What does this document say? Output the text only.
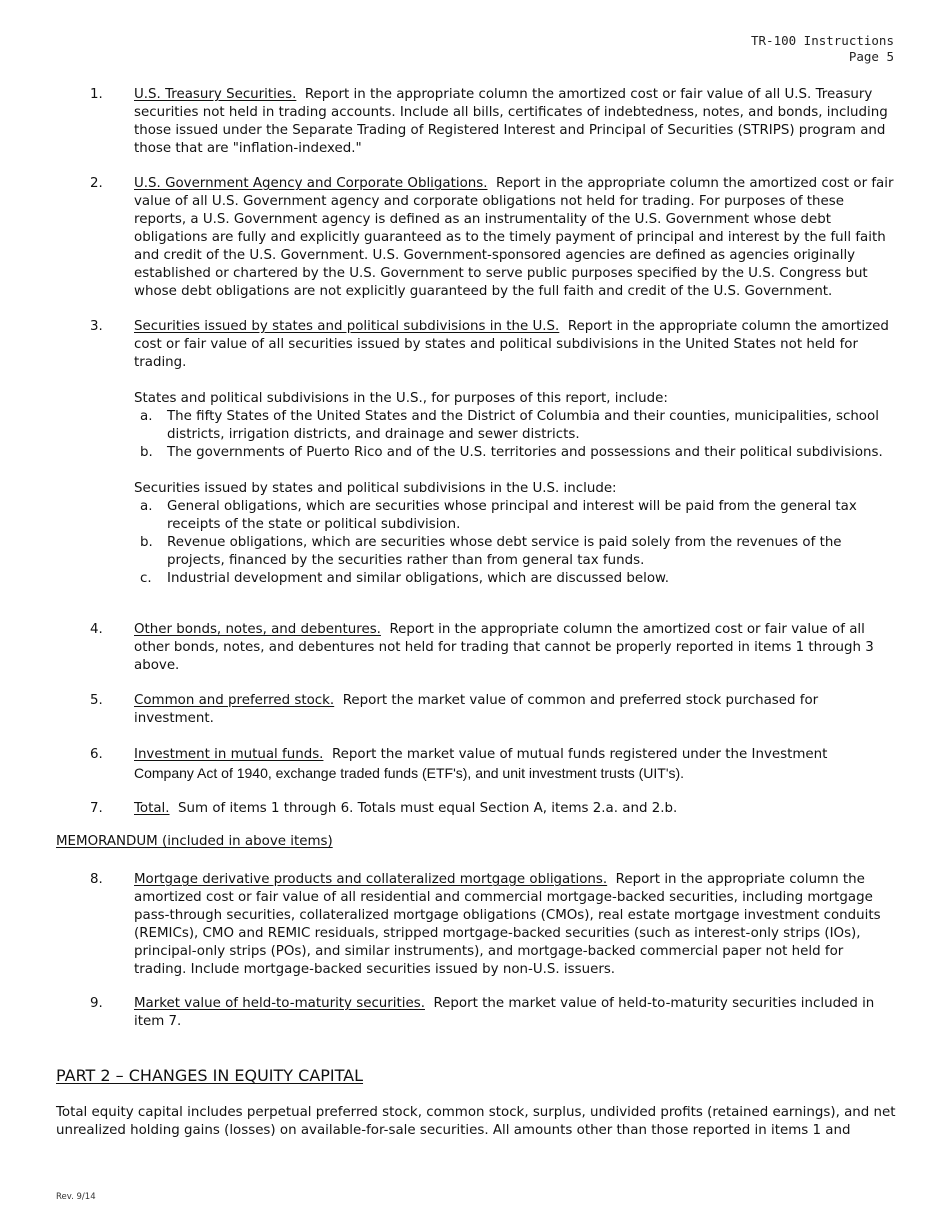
TR-100 Instructions
Page 5
1. U.S. Treasury Securities. Report in the appropriate column the amortized cost or fair value of all U.S. Treasury securities not held in trading accounts. Include all bills, certificates of indebtedness, notes, and bonds, including those issued under the Separate Trading of Registered Interest and Principal of Securities (STRIPS) program and those that are "inflation-indexed."

2. U.S. Government Agency and Corporate Obligations. Report in the appropriate column the amortized cost or fair value of all U.S. Government agency and corporate obligations not held for trading. For purposes of these reports, a U.S. Government agency is defined as an instrumentality of the U.S. Government whose debt obligations are fully and explicitly guaranteed as to the timely payment of principal and interest by the full faith and credit of the U.S. Government. U.S. Government-sponsored agencies are defined as agencies originally established or chartered by the U.S. Government to serve public purposes specified by the U.S. Congress but whose debt obligations are not explicitly guaranteed by the full faith and credit of the U.S. Government.

3. Securities issued by states and political subdivisions in the U.S. Report in the appropriate column the amortized cost or fair value of all securities issued by states and political subdivisions in the United States not held for trading.

States and political subdivisions in the U.S., for purposes of this report, include:

a. The fifty States of the United States and the District of Columbia and their counties, municipalities, school districts, irrigation districts, and drainage and sewer districts.
b. The governments of Puerto Rico and of the U.S. territories and possessions and their political subdivisions.

Securities issued by states and political subdivisions in the U.S. include:

a. General obligations, which are securities whose principal and interest will be paid from the general tax receipts of the state or political subdivision.
b. Revenue obligations, which are securities whose debt service is paid solely from the revenues of the projects, financed by the securities rather than from general tax funds.
c. Industrial development and similar obligations, which are discussed below.
4. Other bonds, notes, and debentures. Report in the appropriate column the amortized cost or fair value of all other bonds, notes, and debentures not held for trading that cannot be properly reported in items 1 through 3 above.

5. Common and preferred stock. Report the market value of common and preferred stock purchased for investment.

6. Investment in mutual funds. Report the market value of mutual funds registered under the Investment

Company Act of 1940, exchange traded funds (ETF's), and unit investment trusts (UIT's).

7. Total. Sum of items 1 through 6. Totals must equal Section A, items 2.a. and 2.b.

MEMORANDUM (included in above items)
8. Mortgage derivative products and collateralized mortgage obligations. Report in the appropriate column the amortized cost or fair value of all residential and commercial mortgage-backed securities, including mortgage pass-through securities, collateralized mortgage obligations (CMOs), real estate mortgage investment conduits (REMICs), CMO and REMIC residuals, stripped mortgage-backed securities (such as interest-only strips (IOs), principal-only strips (POs), and similar instruments), and mortgage-backed commercial paper not held for trading. Include mortgage-backed securities issued by non-U.S. issuers.

9. Market value of held-to-maturity securities. Report the market value of held-to-maturity securities included in item 7.

PART 2 – CHANGES IN EQUITY CAPITAL

Total equity capital includes perpetual preferred stock, common stock, surplus, undivided profits (retained earnings), and net unrealized holding gains (losses) on available-for-sale securities. All amounts other than those reported in items 1 and

Rev. 9/14
